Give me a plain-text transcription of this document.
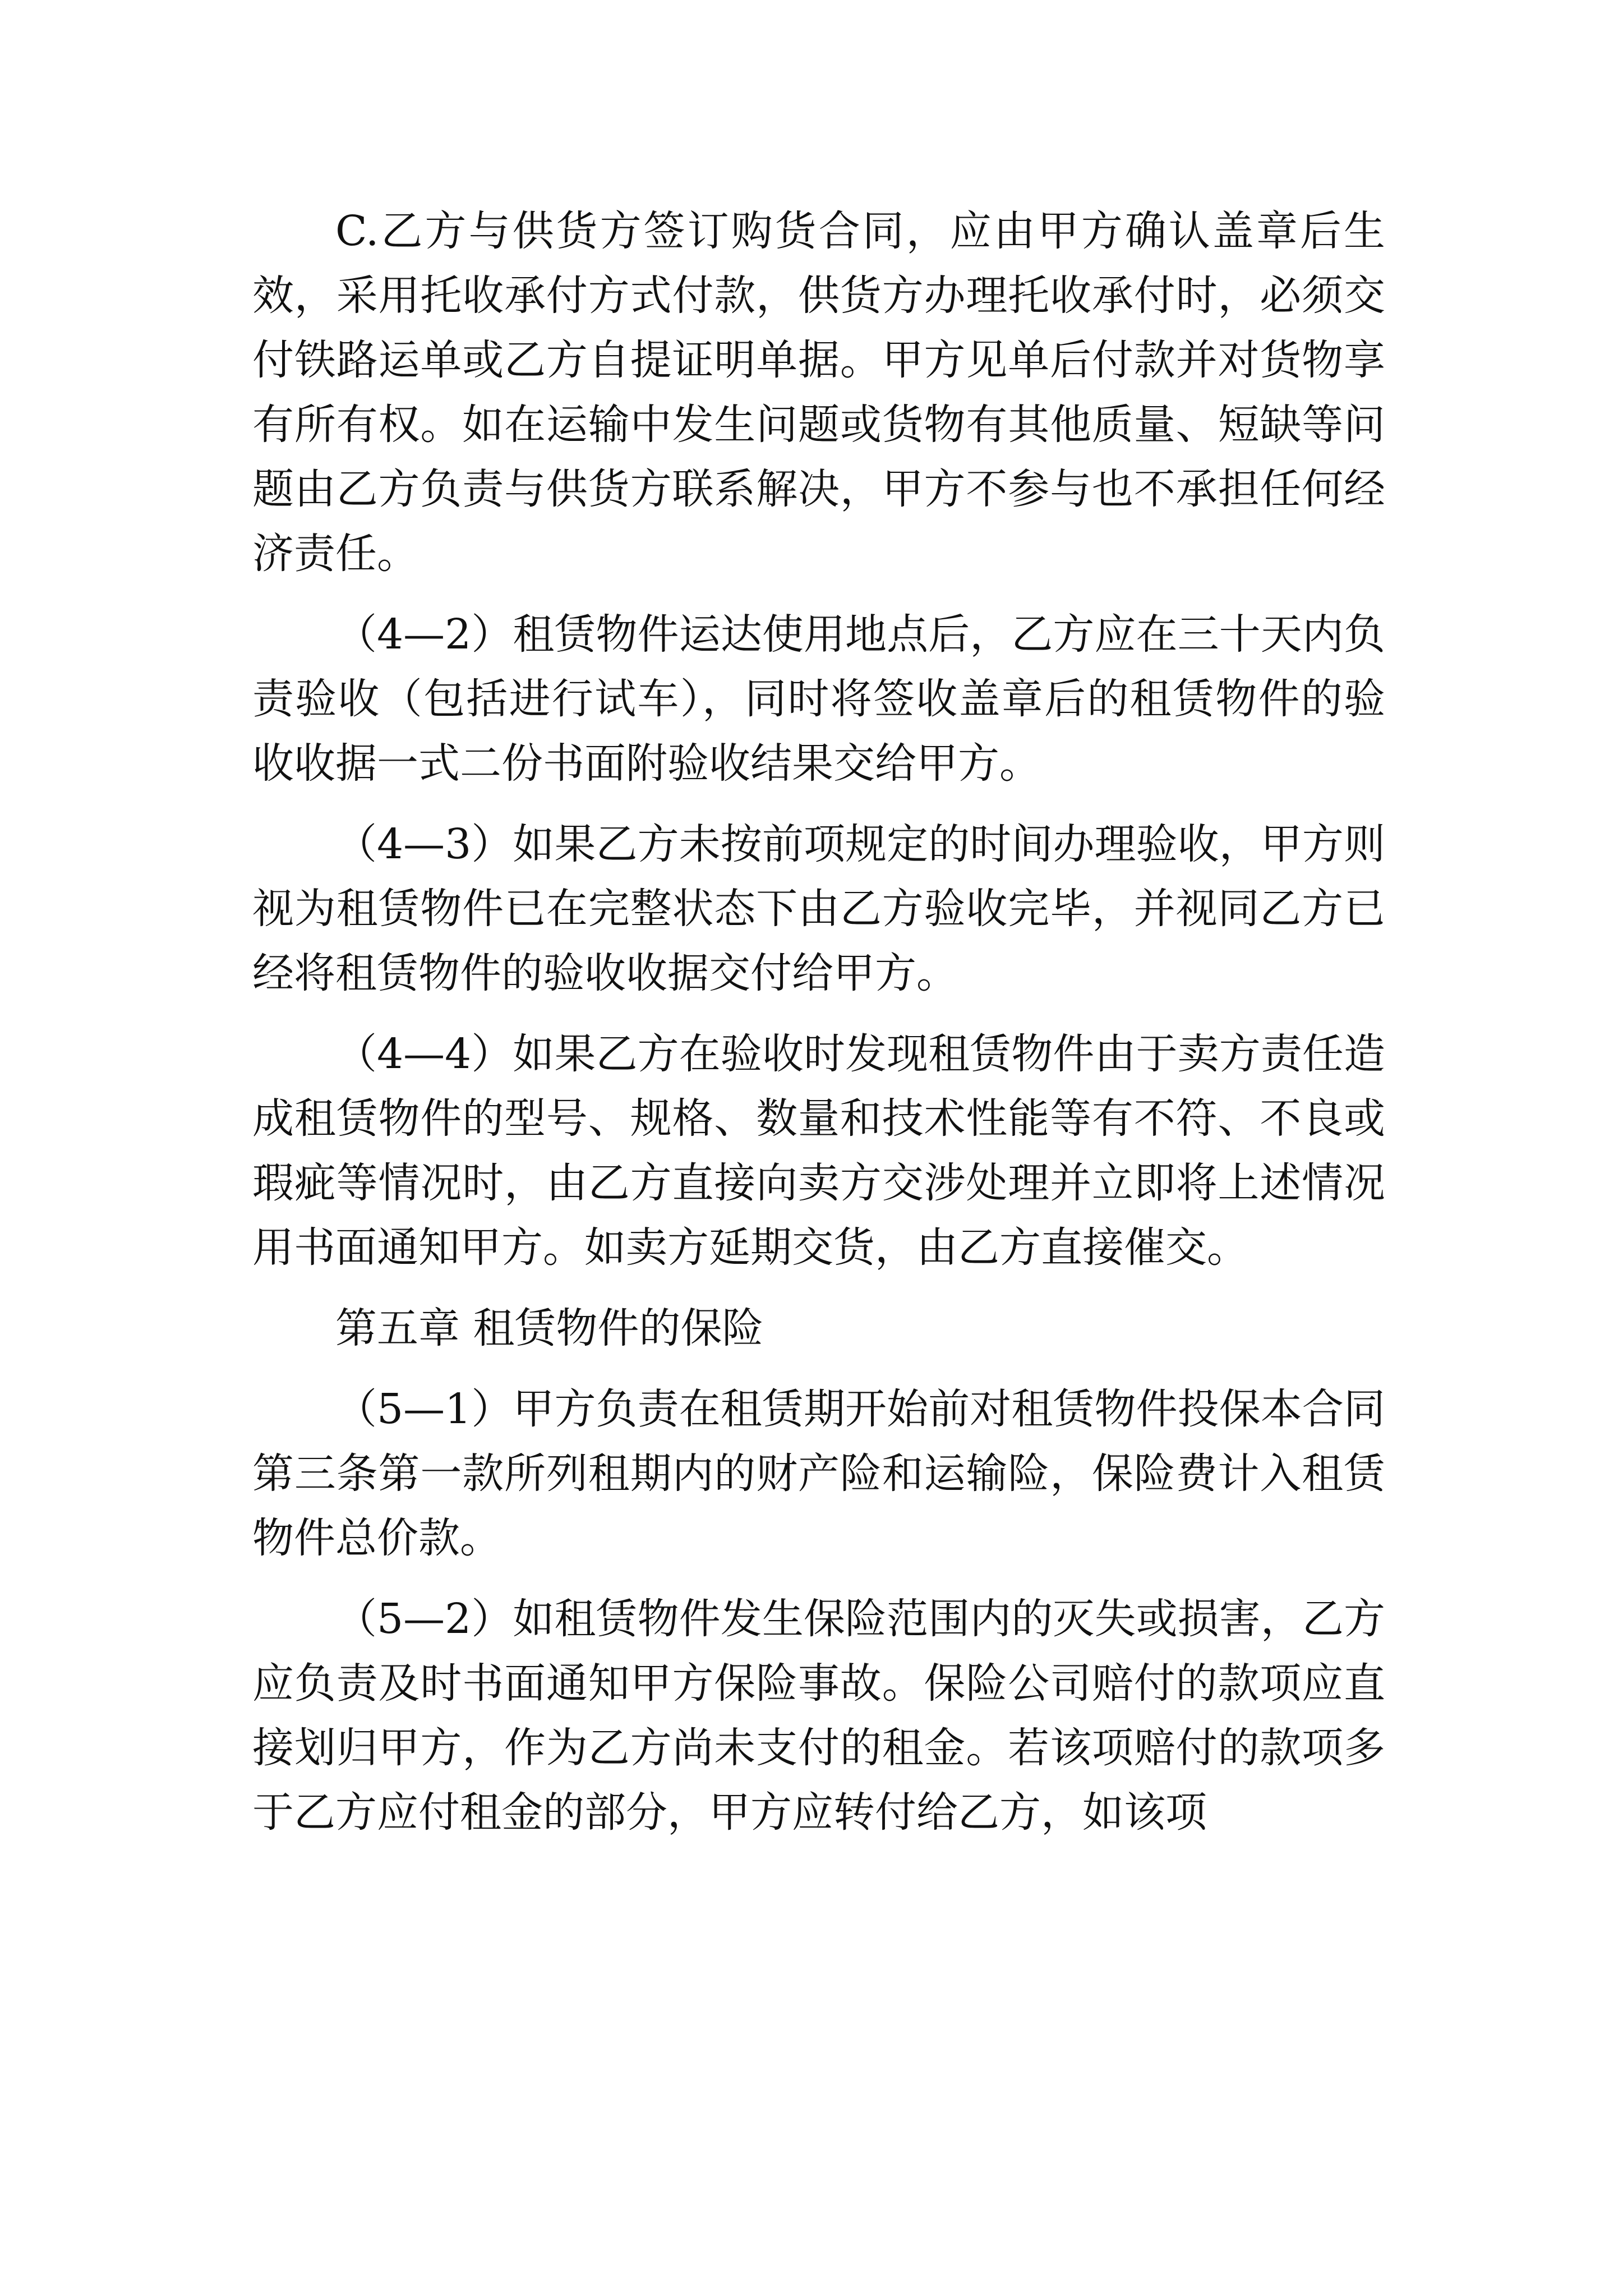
C.乙方与供货方签订购货合同，应由甲方确认盖章后生效，采用托收承付方式付款，供货方办理托收承付时，必须交付铁路运单或乙方自提证明单据。甲方见单后付款并对货物享有所有权。如在运输中发生问题或货物有其他质量、短缺等问题由乙方负责与供货方联系解决，甲方不参与也不承担任何经济责任。

（4—2）租赁物件运达使用地点后，乙方应在三十天内负责验收（包括进行试车），同时将签收盖章后的租赁物件的验收收据一式二份书面附验收结果交给甲方。

（4—3）如果乙方未按前项规定的时间办理验收，甲方则视为租赁物件已在完整状态下由乙方验收完毕，并视同乙方已经将租赁物件的验收收据交付给甲方。

（4—4）如果乙方在验收时发现租赁物件由于卖方责任造成租赁物件的型号、规格、数量和技术性能等有不符、不良或瑕疵等情况时，由乙方直接向卖方交涉处理并立即将上述情况用书面通知甲方。如卖方延期交货，由乙方直接催交。

第五章 租赁物件的保险

（5—1）甲方负责在租赁期开始前对租赁物件投保本合同第三条第一款所列租期内的财产险和运输险，保险费计入租赁物件总价款。

（5—2）如租赁物件发生保险范围内的灭失或损害，乙方应负责及时书面通知甲方保险事故。保险公司赔付的款项应直接划归甲方，作为乙方尚未支付的租金。若该项赔付的款项多于乙方应付租金的部分，甲方应转付给乙方，如该项
